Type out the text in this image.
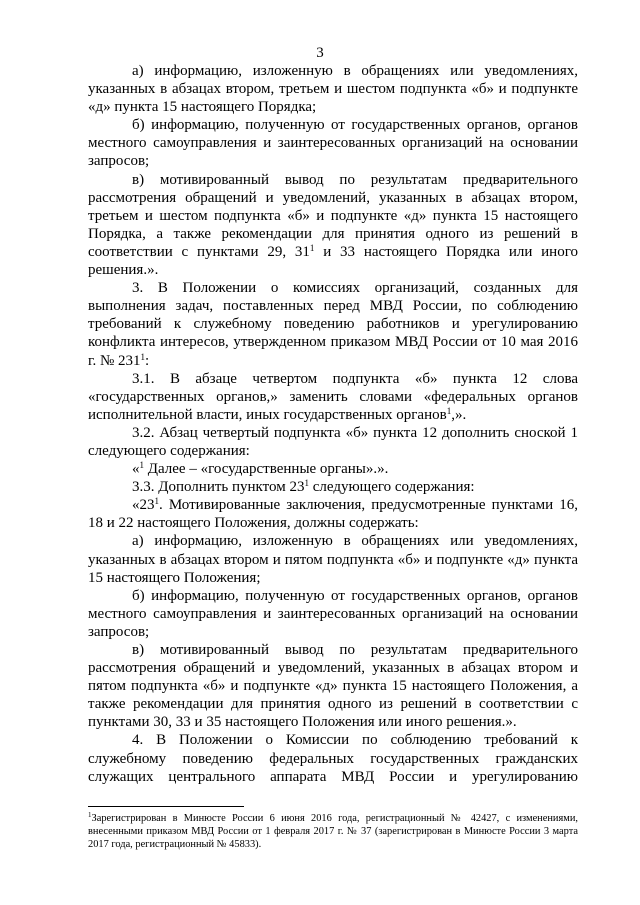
3

а) информацию, изложенную в обращениях или уведомлениях, указанных в абзацах втором, третьем и шестом подпункта «б» и подпункте «д» пункта 15 настоящего Порядка;

б) информацию, полученную от государственных органов, органов местного самоуправления и заинтересованных организаций на основании запросов;

в) мотивированный вывод по результатам предварительного рассмотрения обращений и уведомлений, указанных в абзацах втором, третьем и шестом подпункта «б» и подпункте «д» пункта 15 настоящего Порядка, а также рекомендации для принятия одного из решений в соответствии с пунктами 29, $31^1$ и 33 настоящего Порядка или иного решения.».

3. В Положении о комиссиях организаций, созданных для выполнения задач, поставленных перед МВД России, по соблюдению требований к служебному поведению работников и урегулированию конфликта интересов, утвержденном приказом МВД России от 10 мая 2016 г. № $231^1$:

3.1. В абзаце четвертом подпункта «б» пункта 12 слова «государственных органов,» заменить словами «федеральных органов исполнительной власти, иных государственных органов$^1$,».

3.2. Абзац четвертый подпункта «б» пункта 12 дополнить сноской 1 следующего содержания:

«$^1$ Далее – «государственные органы».».

3.3. Дополнить пунктом $23^1$ следующего содержания:

«$23^1$. Мотивированные заключения, предусмотренные пунктами 16, 18 и 22 настоящего Положения, должны содержать:

а) информацию, изложенную в обращениях или уведомлениях, указанных в абзацах втором и пятом подпункта «б» и подпункте «д» пункта 15 настоящего Положения;

б) информацию, полученную от государственных органов, органов местного самоуправления и заинтересованных организаций на основании запросов;

в) мотивированный вывод по результатам предварительного рассмотрения обращений и уведомлений, указанных в абзацах втором и пятом подпункта «б» и подпункте «д» пункта 15 настоящего Положения, а также рекомендации для принятия одного из решений в соответствии с пунктами 30, 33 и 35 настоящего Положения или иного решения.».

4. В Положении о Комиссии по соблюдению требований к служебному поведению федеральных государственных гражданских служащих центрального аппарата МВД России и урегулированию

$^1$Зарегистрирован в Минюсте России 6 июня 2016 года, регистрационный № 42427, с изменениями, внесенными приказом МВД России от 1 февраля 2017 г. № 37 (зарегистрирован в Минюсте России 3 марта 2017 года, регистрационный № 45833).
